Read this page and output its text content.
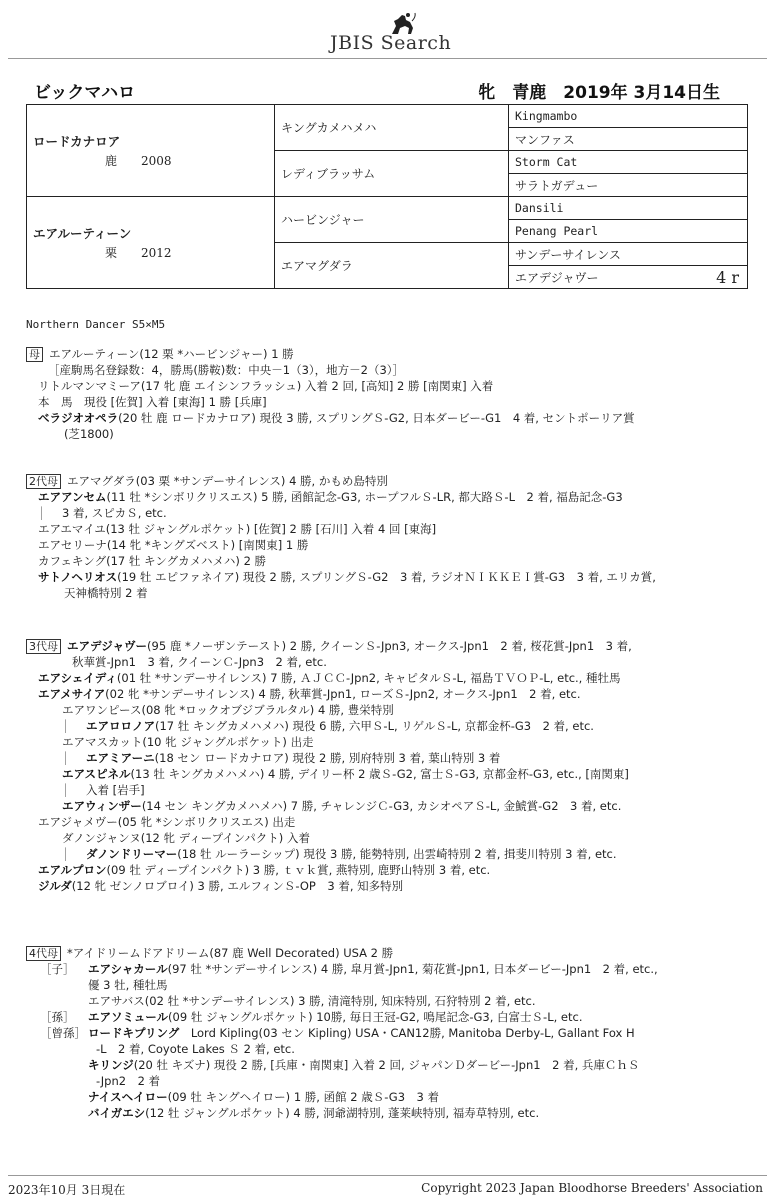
JBIS Search
ビックマハロ	牝　青鹿　2019年 3月14日生
ロードカナロア
鹿　　2008	キングカメハメハ	Kingmambo
		マンファス
	レディブラッサム	Storm Cat
		サラトガデュー

エアルーティーン
栗　　2012	ハービンジャー	Dansili
		Penang Pearl
	エアマグダラ	サンデーサイレンス
		エアデジャヴー 4 r
Northern Dancer S5×M5
母 エアルーティーン(12 栗 *ハービンジャー) 1 勝
［産駒馬名登録数：4，勝馬(勝鞍)数：中央－1（3），地方－2（3）］
リトルマンマミーア(17 牝 鹿 エイシンフラッシュ) 入着 2 回, [高知] 2 勝 [南関東] 入着
本　馬　現役 [佐賀] 入着 [東海] 1 勝 [兵庫]
ベラジオオペラ(20 牡 鹿 ロードカナロア) 現役 3 勝, スプリングＳ-G2, 日本ダービー-G1　4 着, セントポーリア賞
(芝1800)
2代母 エアマグダラ(03 栗 *サンデーサイレンス) 4 勝, かもめ島特別
エアアンセム(11 牡 *シンボリクリスエス) 5 勝, 函館記念-G3, ホープフルＳ-LR, 都大路Ｓ-L　2 着, 福島記念-G3
│ 3 着, スピカＳ, etc.
エアエマイユ(13 牡 ジャングルポケット) [佐賀] 2 勝 [石川] 入着 4 回 [東海]
エアセリーナ(14 牝 *キングズベスト) [南関東] 1 勝
カフェキング(17 牡 キングカメハメハ) 2 勝
サトノヘリオス(19 牡 エピファネイア) 現役 2 勝, スプリングＳ-G2　3 着, ラジオＮＩＫＫＥＩ賞-G3　3 着, エリカ賞,
天神橋特別 2 着
3代母 エアデジャヴー(95 鹿 *ノーザンテースト) 2 勝, クイーンＳ-Jpn3, オークス-Jpn1　2 着, 桜花賞-Jpn1　3 着,
秋華賞-Jpn1　3 着, クイーンＣ-Jpn3　2 着, etc.
エアシェイディ(01 牡 *サンデーサイレンス) 7 勝, ＡＪＣＣ-Jpn2, キャピタルＳ-L, 福島ＴＶＯＰ-L, etc., 種牡馬
エアメサイア(02 牝 *サンデーサイレンス) 4 勝, 秋華賞-Jpn1, ローズＳ-Jpn2, オークス-Jpn1　2 着, etc.
エアワンピース(08 牝 *ロックオブジブラルタル) 4 勝, 豊栄特別
│ エアロロノア(17 牡 キングカメハメハ) 現役 6 勝, 六甲Ｓ-L, リゲルＳ-L, 京都金杯-G3　2 着, etc.
エアマスカット(10 牝 ジャングルポケット) 出走
│ エアミアーニ(18 セン ロードカナロア) 現役 2 勝, 別府特別 3 着, 葉山特別 3 着
エアスピネル(13 牡 キングカメハメハ) 4 勝, デイリー杯 2 歳Ｓ-G2, 富士Ｓ-G3, 京都金杯-G3, etc., [南関東]
│ 入着 [岩手]
エアウィンザー(14 セン キングカメハメハ) 7 勝, チャレンジＣ-G3, カシオペアＳ-L, 金鯱賞-G2　3 着, etc.
エアジャメヴー(05 牝 *シンボリクリスエス) 出走
ダノンジャンヌ(12 牝 ディープインパクト) 入着
│ ダノンドリーマー(18 牡 ルーラーシップ) 現役 3 勝, 能勢特別, 出雲崎特別 2 着, 揖斐川特別 3 着, etc.
エアルプロン(09 牡 ディープインパクト) 3 勝, ｔｖｋ賞, 燕特別, 鹿野山特別 3 着, etc.
ジルダ(12 牝 ゼンノロブロイ) 3 勝, エルフィンＳ-OP　3 着, 知多特別
4代母 *アイドリームドアドリーム(87 鹿 Well Decorated) USA 2 勝
［子］ エアシャカール(97 牡 *サンデーサイレンス) 4 勝, 皐月賞-Jpn1, 菊花賞-Jpn1, 日本ダービー-Jpn1　2 着, etc.,
優 3 牡, 種牡馬
エアサバス(02 牡 *サンデーサイレンス) 3 勝, 清滝特別, 知床特別, 石狩特別 2 着, etc.
［孫］ エアソミュール(09 牡 ジャングルポケット) 10勝, 毎日王冠-G2, 鳴尾記念-G3, 白富士Ｓ-L, etc.
［曾孫］ ロードキプリング　 Lord Kipling(03 セン Kipling) USA・CAN12勝, Manitoba Derby-L, Gallant Fox H
-L　2 着, Coyote Lakes Ｓ 2 着, etc.
キリンジ(20 牡 キズナ) 現役 2 勝, [兵庫・南関東] 入着 2 回, ジャパンＤダービー-Jpn1　2 着, 兵庫ＣｈＳ
-Jpn2　2 着
ナイスヘイロー(09 牡 キングヘイロー) 1 勝, 函館 2 歳Ｓ-G3　3 着
バイガエシ(12 牡 ジャングルポケット) 4 勝, 洞爺湖特別, 蓬莱峡特別, 福寿草特別, etc.
2023年10月 3日現在	Copyright 2023 Japan Bloodhorse Breeders' Association
